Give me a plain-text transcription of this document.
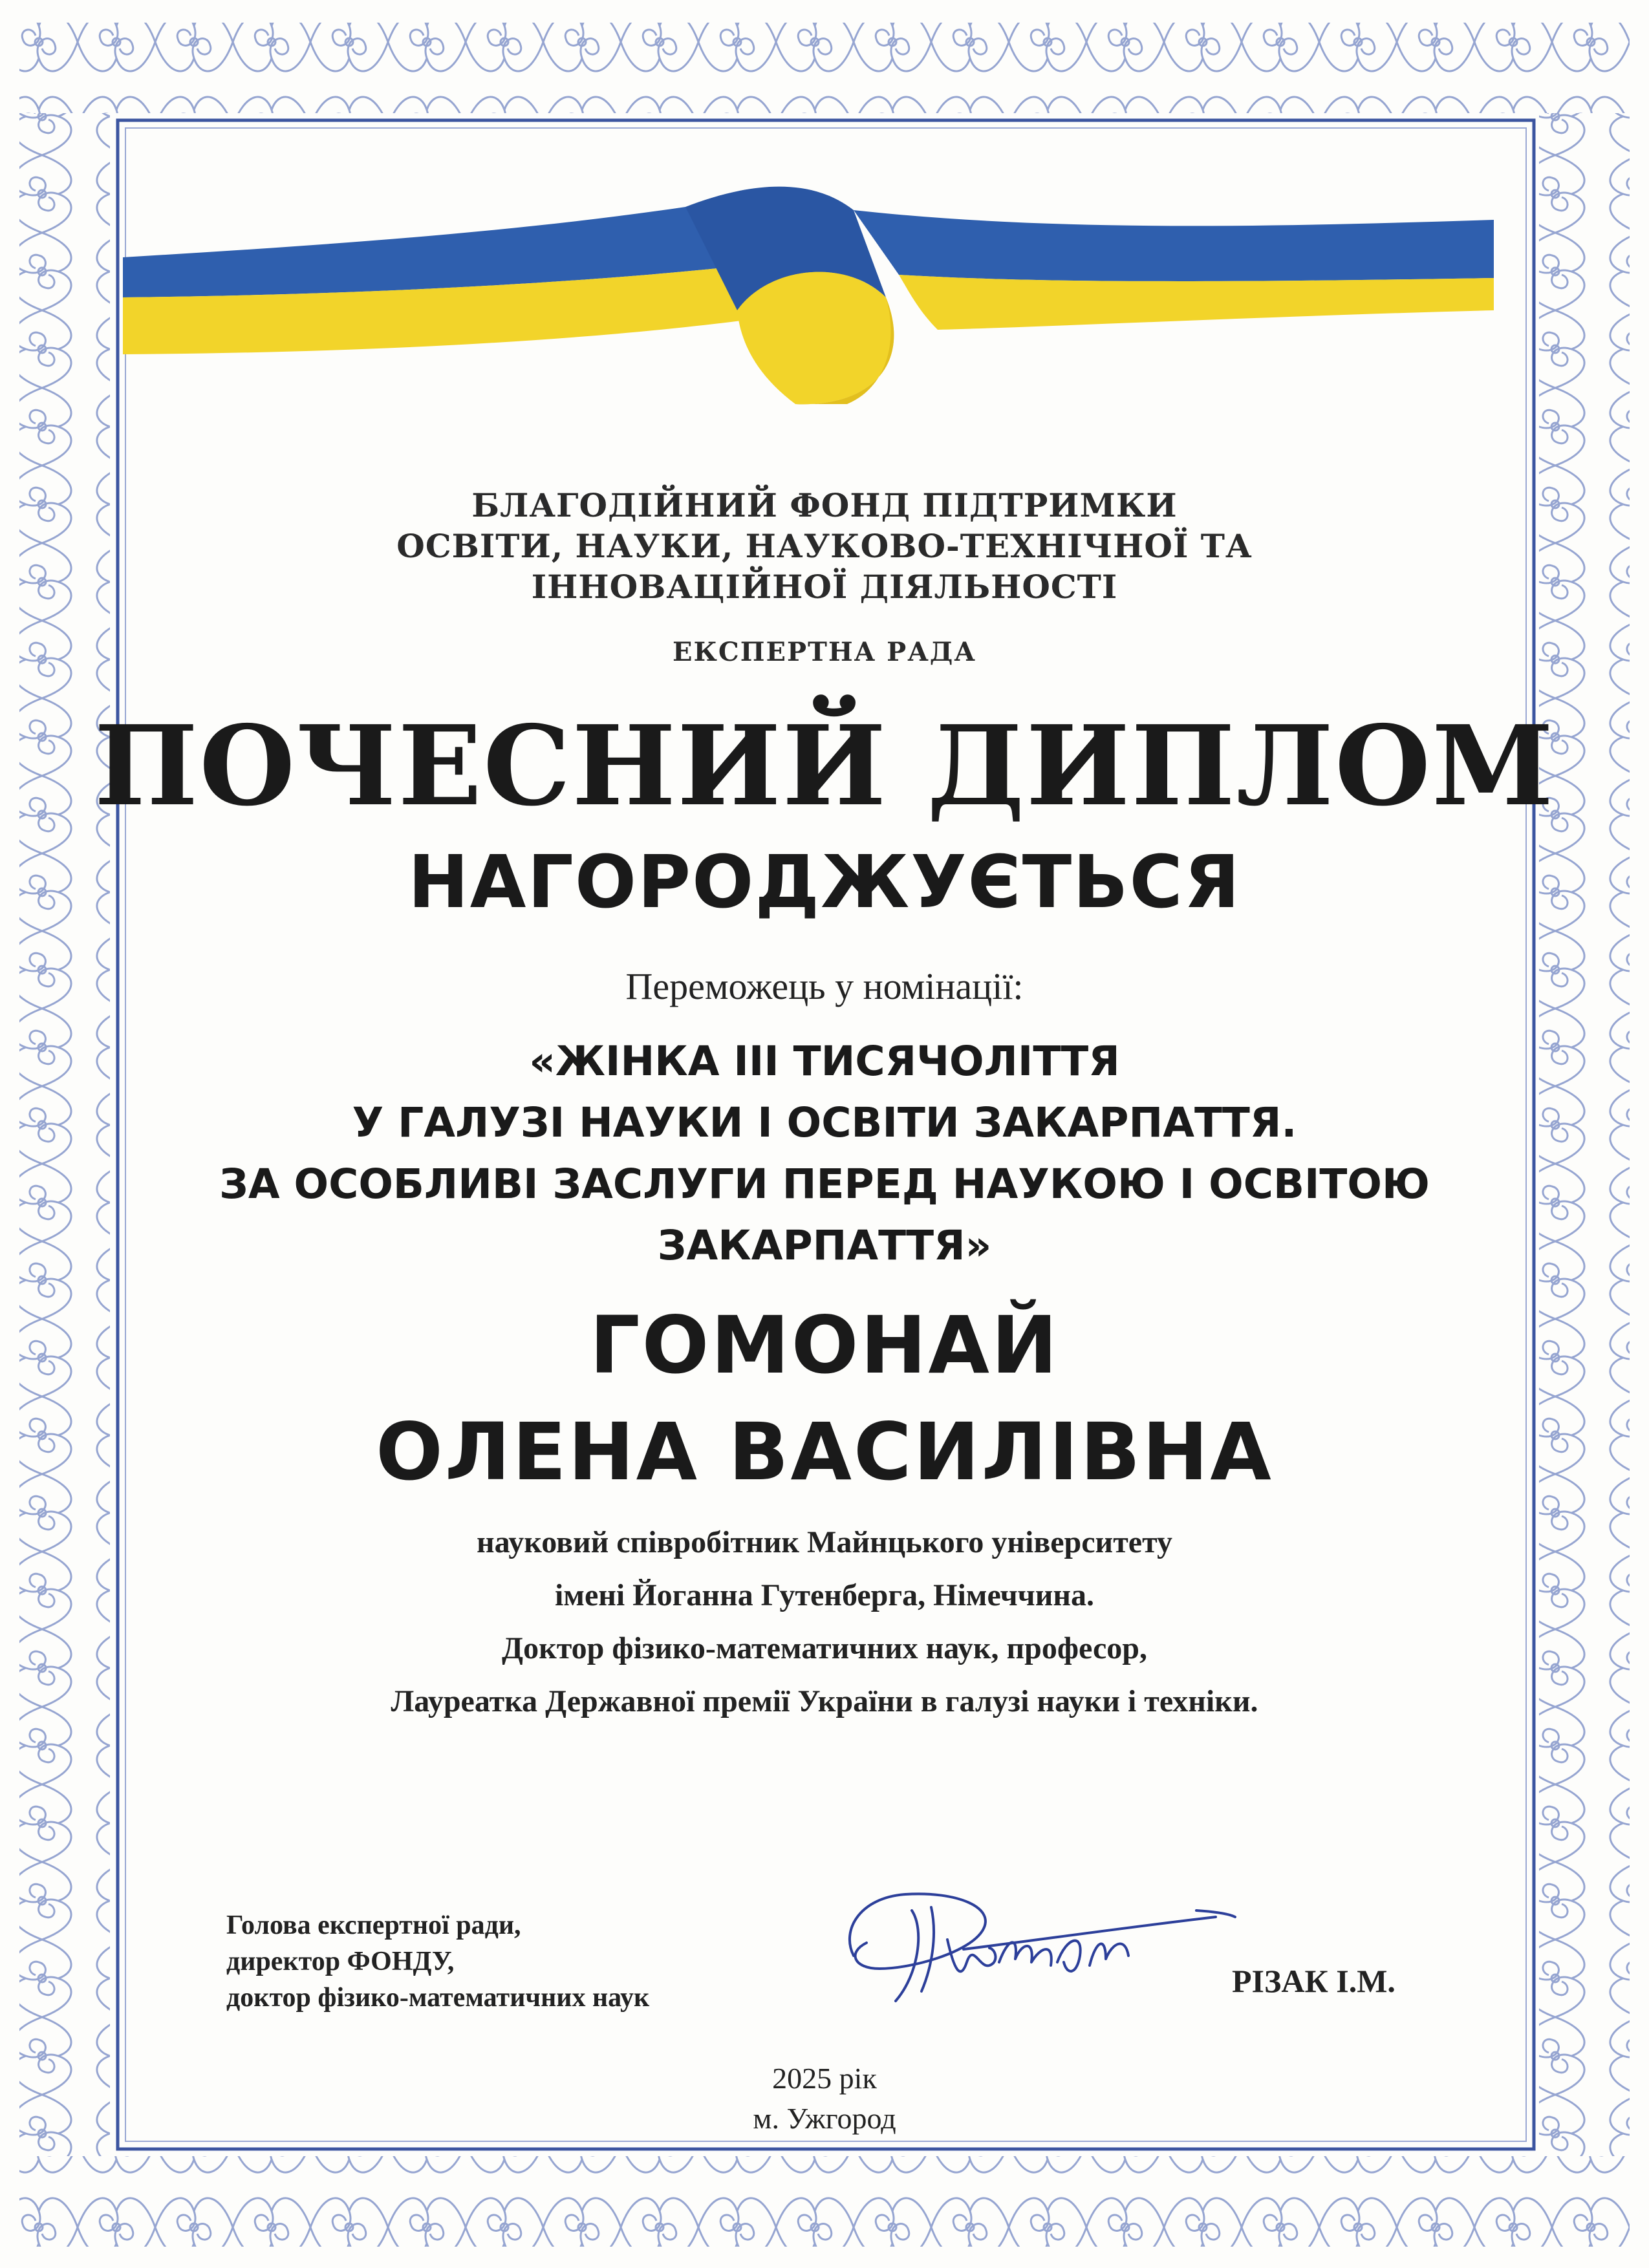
БЛАГОДІЙНИЙ ФОНД ПІДТРИМКИ
ОСВІТИ, НАУКИ, НАУКОВО-ТЕХНІЧНОЇ ТА
ІННОВАЦІЙНОЇ ДІЯЛЬНОСТІ
ЕКСПЕРТНА РАДА
ПОЧЕСНИЙ ДИПЛОМ
НАГОРОДЖУЄТЬСЯ
Переможець у номінації:
«ЖІНКА ІІІ ТИСЯЧОЛІТТЯ
У ГАЛУЗІ НАУКИ І ОСВІТИ ЗАКАРПАТТЯ.
ЗА ОСОБЛИВІ ЗАСЛУГИ ПЕРЕД НАУКОЮ І ОСВІТОЮ
ЗАКАРПАТТЯ»
ГОМОНАЙ
ОЛЕНА ВАСИЛІВНА
науковий співробітник Майнцького університету
імені Йоганна Гутенберга, Німеччина.
Доктор фізико-математичних наук, професор,
Лауреатка Державної премії України в галузі науки і техніки.
Голова експертної ради,
директор ФОНДУ,
доктор фізико-математичних наук	РІЗАК І.М.
2025 рік
м. Ужгород
